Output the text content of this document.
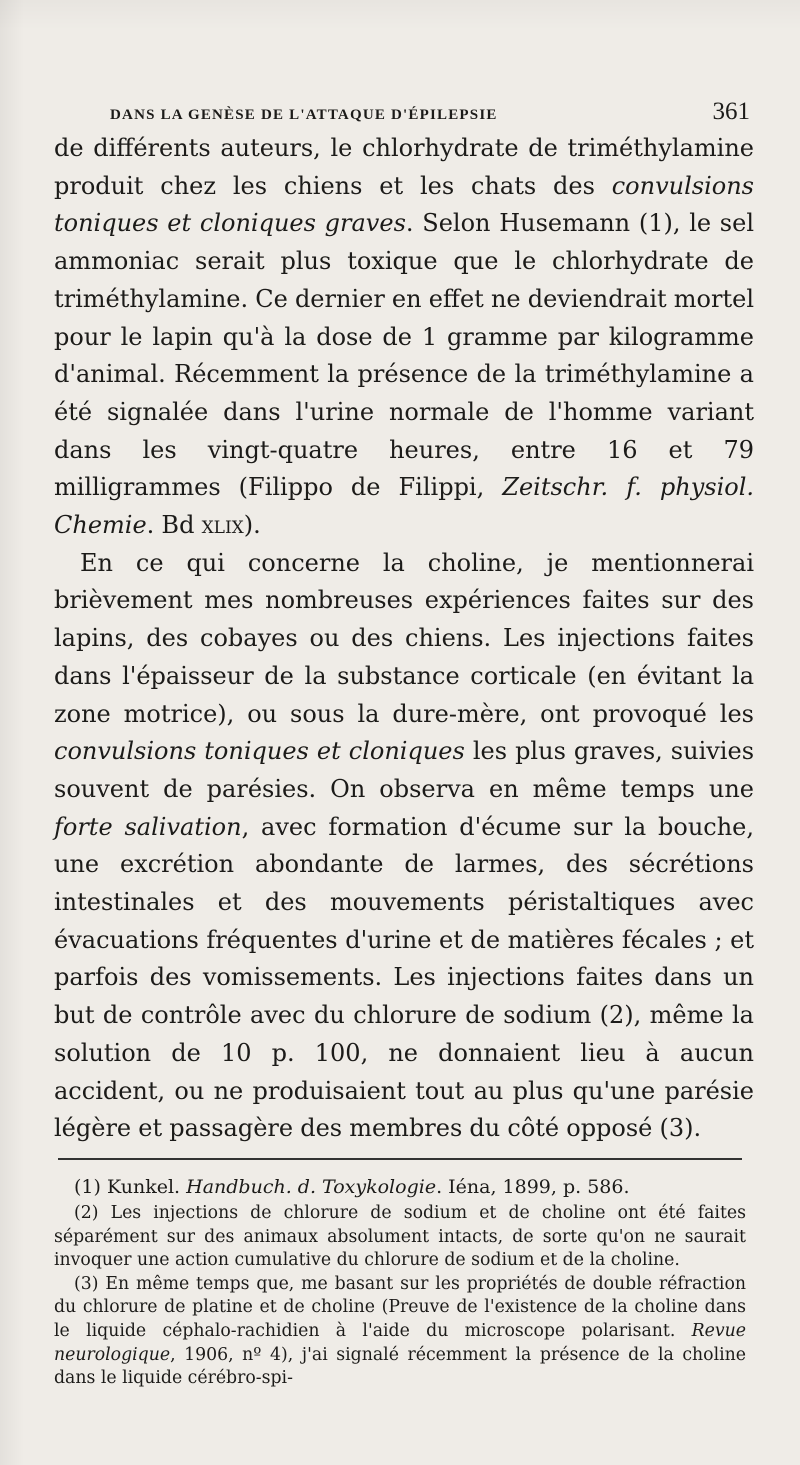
DANS LA GENÈSE DE L'ATTAQUE D'ÉPILEPSIE	361

de différents auteurs, le chlorhydrate de triméthylamine produit chez les chiens et les chats des convulsions toniques et cloniques graves. Selon Husemann (1), le sel ammoniac serait plus toxique que le chlorhydrate de triméthylamine. Ce dernier en effet ne deviendrait mortel pour le lapin qu'à la dose de 1 gramme par kilogramme d'animal. Récemment la présence de la triméthylamine a été signalée dans l'urine normale de l'homme variant dans les vingt-quatre heures, entre 16 et 79 milligrammes (Filippo de Filippi, Zeitschr. f. physiol. Chemie. Bd xlix).

En ce qui concerne la choline, je mentionnerai brièvement mes nombreuses expériences faites sur des lapins, des cobayes ou des chiens. Les injections faites dans l'épaisseur de la substance corticale (en évitant la zone motrice), ou sous la dure-mère, ont provoqué les convulsions toniques et cloniques les plus graves, suivies souvent de parésies. On observa en même temps une forte salivation, avec formation d'écume sur la bouche, une excrétion abondante de larmes, des sécrétions intestinales et des mouvements péristaltiques avec évacuations fréquentes d'urine et de matières fécales ; et parfois des vomissements. Les injections faites dans un but de contrôle avec du chlorure de sodium (2), même la solution de 10 p. 100, ne donnaient lieu à aucun accident, ou ne produisaient tout au plus qu'une parésie légère et passagère des membres du côté opposé (3).

(1) Kunkel. Handbuch. d. Toxykologie. Iéna, 1899, p. 586.

(2) Les injections de chlorure de sodium et de choline ont été faites séparément sur des animaux absolument intacts, de sorte qu'on ne saurait invoquer une action cumulative du chlorure de sodium et de la choline.

(3) En même temps que, me basant sur les propriétés de double réfraction du chlorure de platine et de choline (Preuve de l'existence de la choline dans le liquide céphalo-rachidien à l'aide du microscope polarisant. Revue neurologique, 1906, nº 4), j'ai signalé récemment la présence de la choline dans le liquide cérébro-spi-
